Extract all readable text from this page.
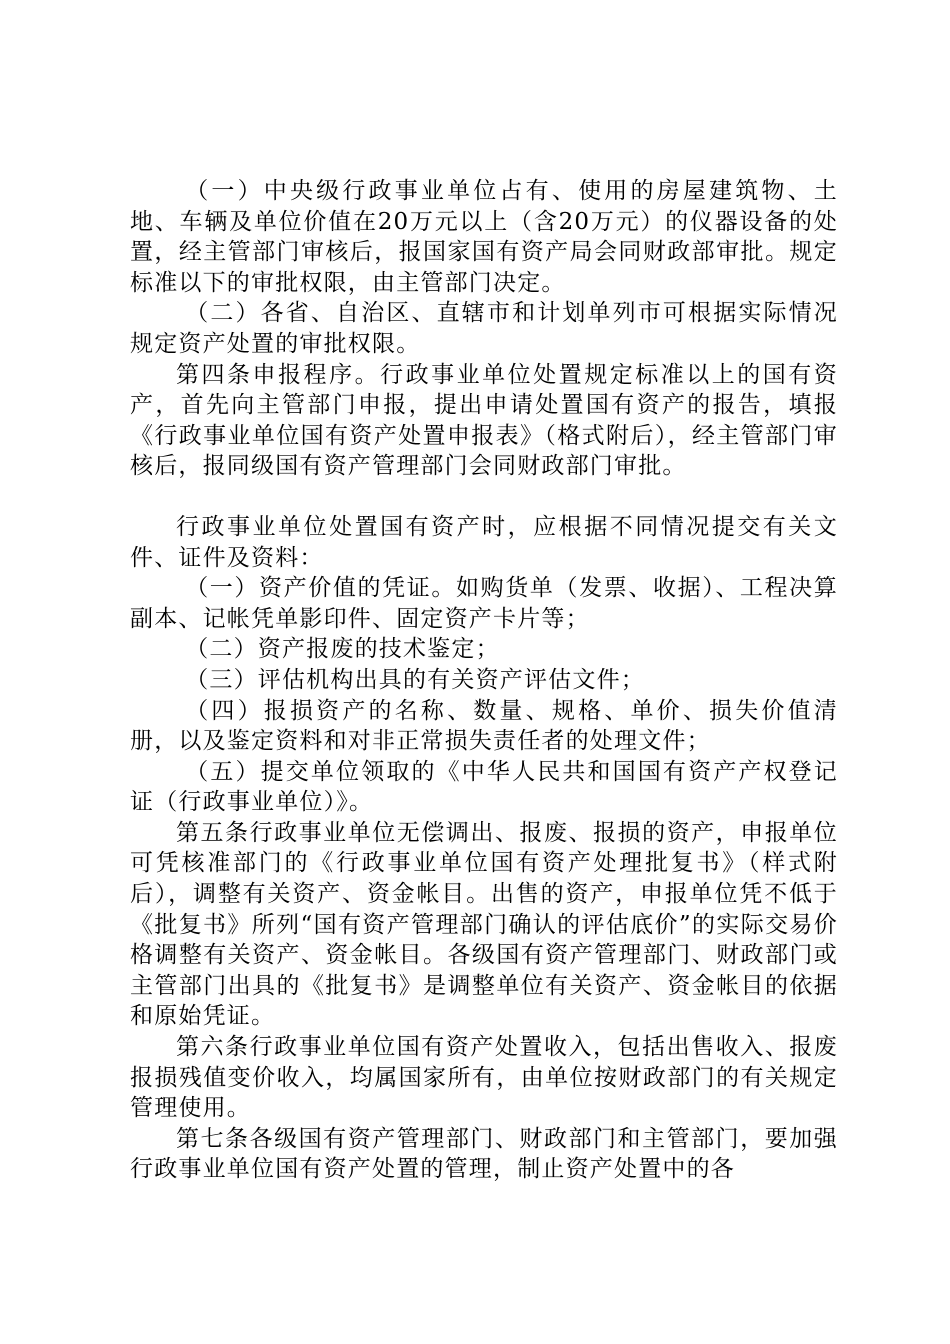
（一）中央级行政事业单位占有、使用的房屋建筑物、土地、车辆及单位价值在20万元以上（含20万元）的仪器设备的处置，经主管部门审核后，报国家国有资产局会同财政部审批。规定标准以下的审批权限，由主管部门决定。

（二）各省、自治区、直辖市和计划单列市可根据实际情况规定资产处置的审批权限。

第四条申报程序。行政事业单位处置规定标准以上的国有资产，首先向主管部门申报，提出申请处置国有资产的报告，填报《行政事业单位国有资产处置申报表》（格式附后），经主管部门审核后，报同级国有资产管理部门会同财政部门审批。

行政事业单位处置国有资产时，应根据不同情况提交有关文件、证件及资料：

（一）资产价值的凭证。如购货单（发票、收据）、工程决算副本、记帐凭单影印件、固定资产卡片等；

（二）资产报废的技术鉴定；

（三）评估机构出具的有关资产评估文件；

（四）报损资产的名称、数量、规格、单价、损失价值清册，以及鉴定资料和对非正常损失责任者的处理文件；

（五）提交单位领取的《中华人民共和国国有资产产权登记证（行政事业单位）》。

第五条行政事业单位无偿调出、报废、报损的资产，申报单位可凭核准部门的《行政事业单位国有资产处理批复书》（样式附后），调整有关资产、资金帐目。出售的资产，申报单位凭不低于《批复书》所列“国有资产管理部门确认的评估底价”的实际交易价格调整有关资产、资金帐目。各级国有资产管理部门、财政部门或主管部门出具的《批复书》是调整单位有关资产、资金帐目的依据和原始凭证。

第六条行政事业单位国有资产处置收入，包括出售收入、报废报损残值变价收入，均属国家所有，由单位按财政部门的有关规定管理使用。

第七条各级国有资产管理部门、财政部门和主管部门，要加强行政事业单位国有资产处置的管理，制止资产处置中的各
